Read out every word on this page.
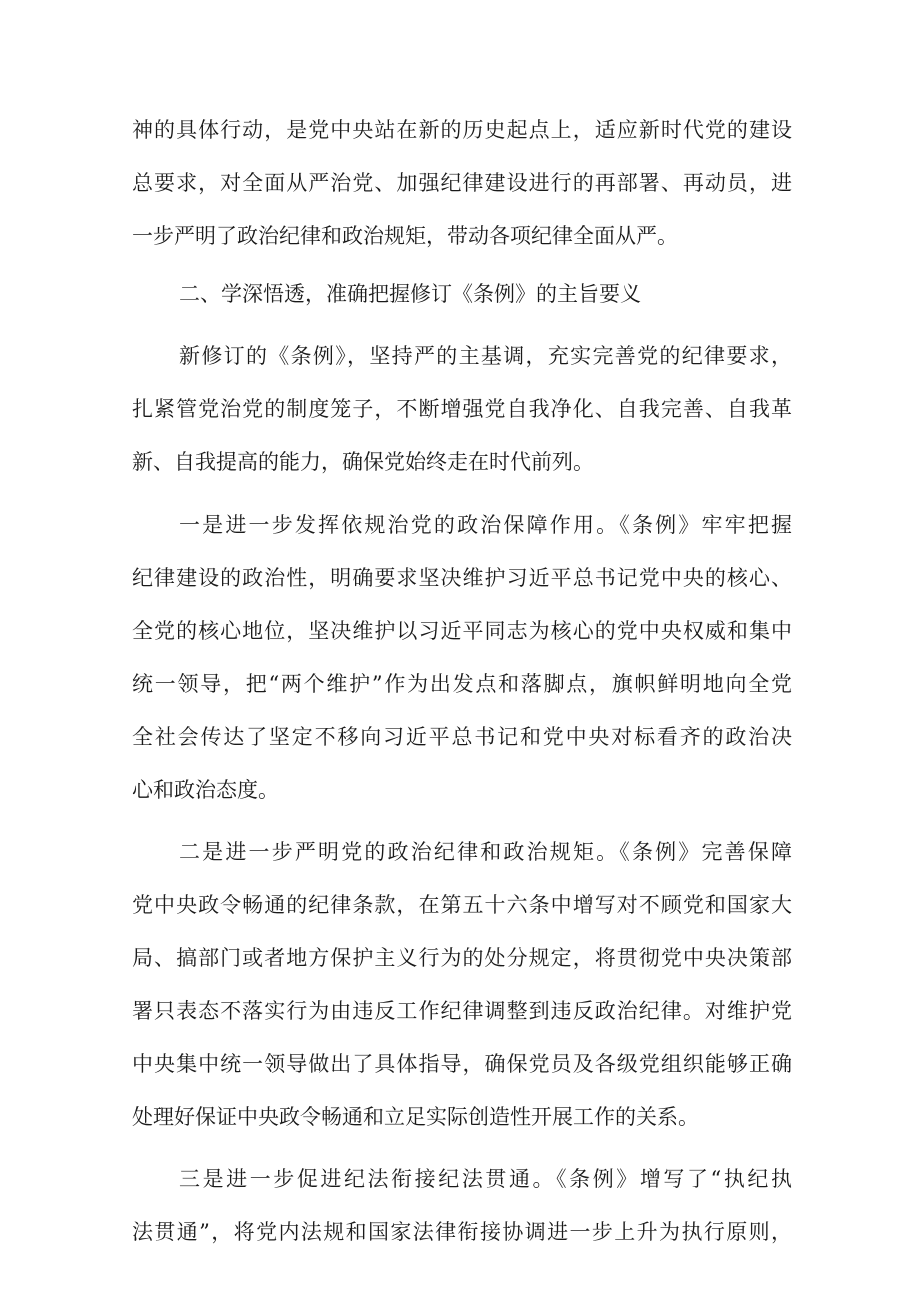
神的具体行动，是党中央站在新的历史起点上，适应新时代党的建设
总要求，对全面从严治党、加强纪律建设进行的再部署、再动员，进
一步严明了政治纪律和政治规矩，带动各项纪律全面从严。
二、学深悟透，准确把握修订《条例》的主旨要义
新修订的《条例》，坚持严的主基调，充实完善党的纪律要求，
扎紧管党治党的制度笼子，不断增强党自我净化、自我完善、自我革
新、自我提高的能力，确保党始终走在时代前列。
一是进一步发挥依规治党的政治保障作用。《条例》牢牢把握
纪律建设的政治性，明确要求坚决维护习近平总书记党中央的核心、
全党的核心地位，坚决维护以习近平同志为核心的党中央权威和集中
统一领导，把“两个维护”作为出发点和落脚点，旗帜鲜明地向全党
全社会传达了坚定不移向习近平总书记和党中央对标看齐的政治决
心和政治态度。
二是进一步严明党的政治纪律和政治规矩。《条例》完善保障
党中央政令畅通的纪律条款，在第五十六条中增写对不顾党和国家大
局、搞部门或者地方保护主义行为的处分规定，将贯彻党中央决策部
署只表态不落实行为由违反工作纪律调整到违反政治纪律。对维护党
中央集中统一领导做出了具体指导，确保党员及各级党组织能够正确
处理好保证中央政令畅通和立足实际创造性开展工作的关系。
三是进一步促进纪法衔接纪法贯通。《条例》增写了“执纪执
法贯通”，将党内法规和国家法律衔接协调进一步上升为执行原则，
